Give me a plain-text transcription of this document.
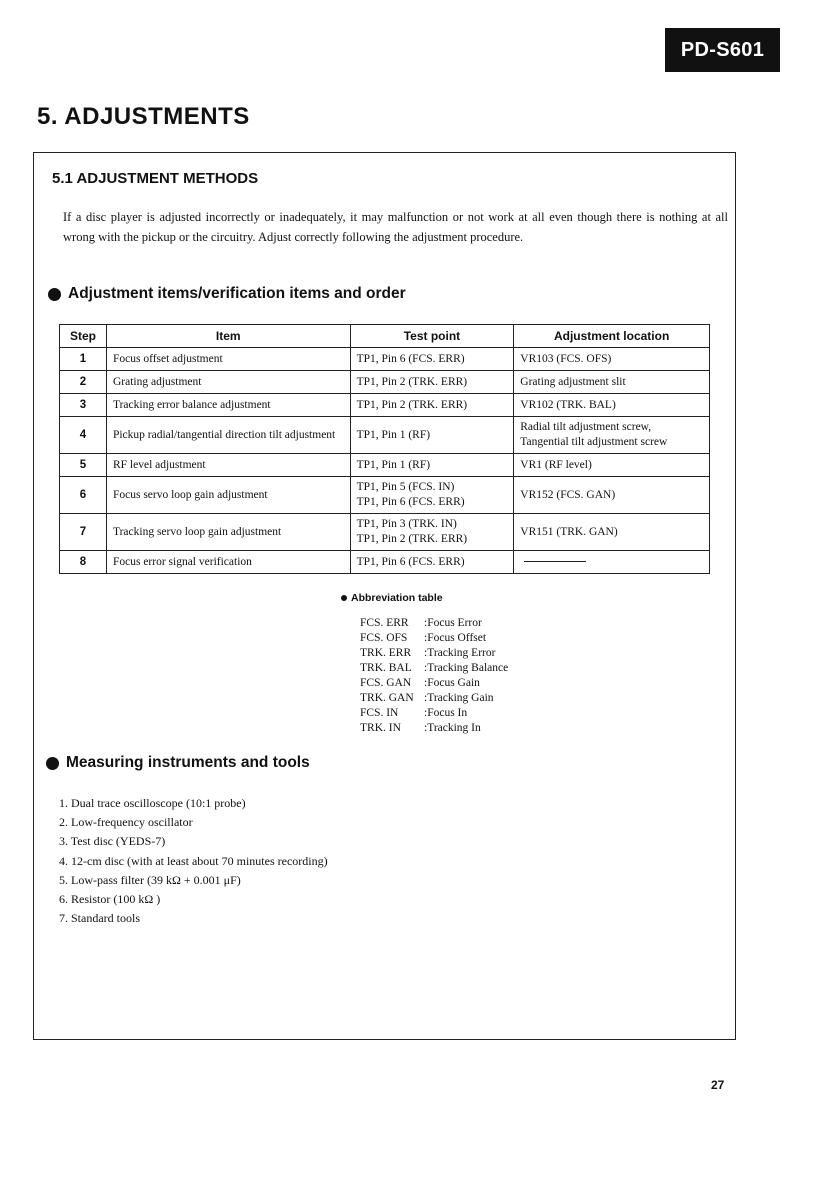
PD-S601
5. ADJUSTMENTS
5.1 ADJUSTMENT METHODS

If a disc player is adjusted incorrectly or inadequately, it may malfunction or not work at all even though there is nothing at all wrong with the pickup or the circuitry. Adjust correctly following the adjustment procedure.

Adjustment items/verification items and order
Step	Item	Test point	Adjustment location
1	Focus offset adjustment	TP1, Pin 6 (FCS. ERR)	VR103 (FCS. OFS)
2	Grating adjustment	TP1, Pin 2 (TRK. ERR)	Grating adjustment slit
3	Tracking error balance adjustment	TP1, Pin 2 (TRK. ERR)	VR102 (TRK. BAL)
4	Pickup radial/tangential direction tilt adjustment	TP1, Pin 1 (RF)	Radial tilt adjustment screw,
Tangential tilt adjustment screw

5	RF level adjustment	TP1, Pin 1 (RF)	VR1 (RF level)
6	Focus servo loop gain adjustment	TP1, Pin 5 (FCS. IN)
TP1, Pin 6 (FCS. ERR)	VR152 (FCS. GAN)
7	Tracking servo loop gain adjustment	TP1, Pin 3 (TRK. IN)
TP1, Pin 2 (TRK. ERR)	VR151 (TRK. GAN)
8	Focus error signal verification	TP1, Pin 6 (FCS. ERR)	
Abbreviation table
FCS. ERR	:Focus Error
FCS. OFS	:Focus Offset
TRK. ERR	:Tracking Error
TRK. BAL	:Tracking Balance
FCS. GAN	:Focus Gain
TRK. GAN :Tracking Gain
FCS. IN	:Focus In
TRK. IN	:Tracking In
Measuring instruments and tools
1. Dual trace oscilloscope (10:1 probe)
2. Low-frequency oscillator
3. Test disc (YEDS-7)
4. 12-cm disc (with at least about 70 minutes recording)
5. Low-pass filter (39 kΩ + 0.001 μF)
6. Resistor (100 kΩ )
7. Standard tools
27
